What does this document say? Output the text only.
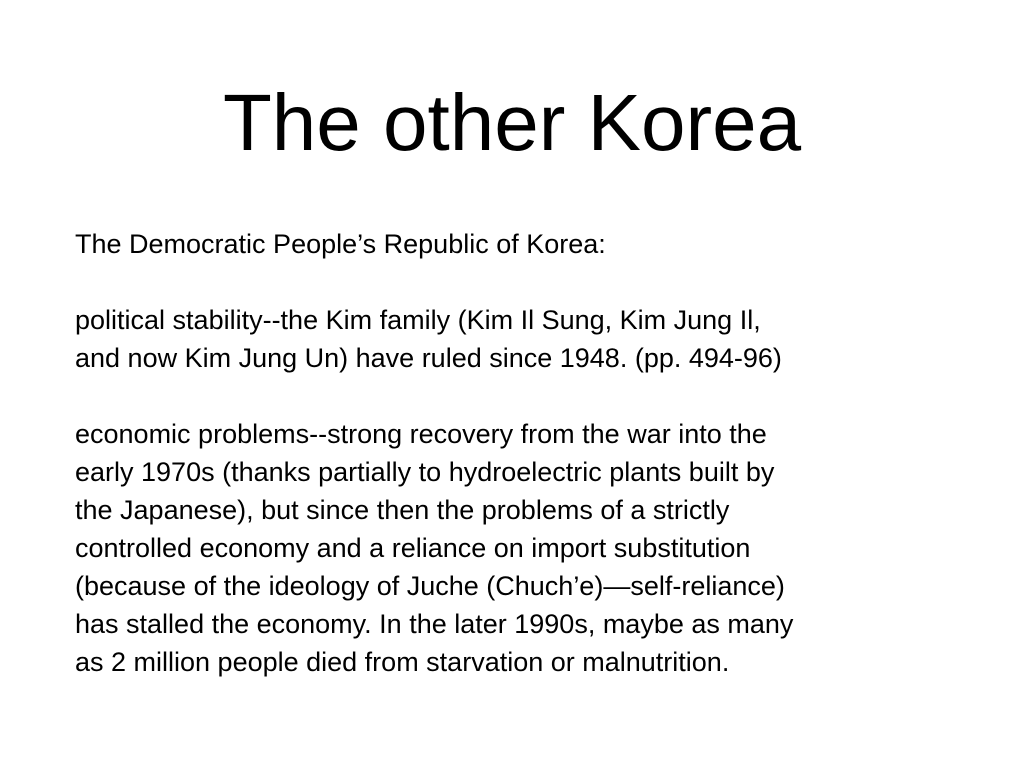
The other Korea

The Democratic People’s Republic of Korea:

political stability--the Kim family (Kim Il Sung, Kim Jung Il,
and now Kim Jung Un) have ruled since 1948. (pp. 494-96)

economic problems--strong recovery from the war into the
early 1970s (thanks partially to hydroelectric plants built by
the Japanese), but since then the problems of a strictly
controlled economy and a reliance on import substitution
(because of the ideology of Juche (Chuch’e)—self-reliance)
has stalled the economy. In the later 1990s, maybe as many
as 2 million people died from starvation or malnutrition.
